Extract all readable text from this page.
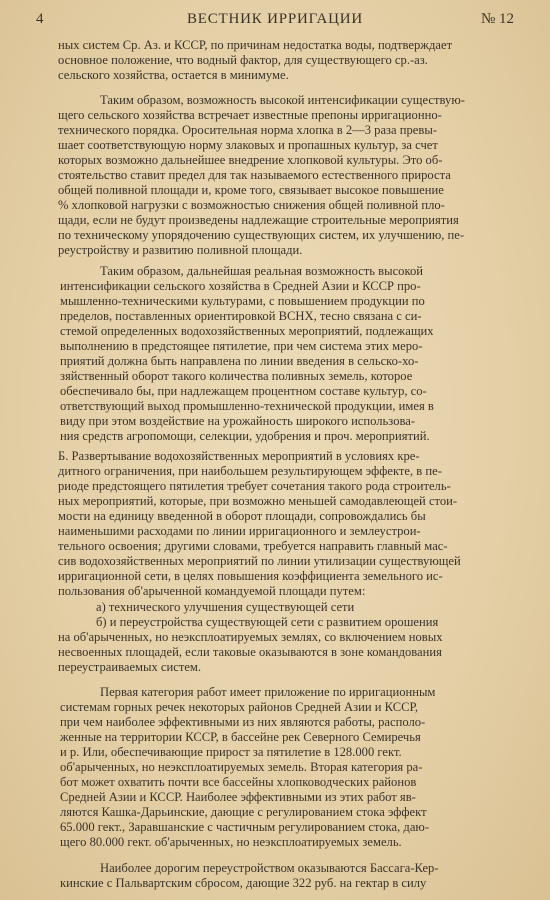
4	ВЕСТНИК ИРРИГАЦИИ	№ 12
ных систем Ср. Аз. и КССР, по причинам недостатка воды, подтверждает
основное положение, что водный фактор, для существующего ср.-аз.
сельского хозяйства, остается в минимуме.
Таким образом, возможность высокой интенсификации существую-
щего сельского хозяйства встречает известные препоны ирригационно-
технического порядка. Оросительная норма хлопка в 2—3 раза превы-
шает соответствующую норму злаковых и пропашных культур, за счет
которых возможно дальнейшее внедрение хлопковой культуры. Это об-
стоятельство ставит предел для так называемого естественного прироста
общей поливной площади и, кроме того, связывает высокое повышение
% хлопковой нагрузки с возможностью снижения общей поливной пло-
щади, если не будут произведены надлежащие строительные мероприятия
по техническому упорядочению существующих систем, их улучшению, пе-
реустройству и развитию поливной площади.
Таким образом, дальнейшая реальная возможность высокой
интенсификации сельского хозяйства в Средней Азии и КССР про-
мышленно-техническими культурами, с повышением продукции по
пределов, поставленных ориентировкой ВСНХ, тесно связана с си-
стемой определенных водохозяйственных мероприятий, подлежащих
выполнению в предстоящее пятилетие, при чем система этих меро-
приятий должна быть направлена по линии введения в сельско-хо-
зяйственный оборот такого количества поливных земель, которое
обеспечивало бы, при надлежащем процентном составе культур, со-
ответствующий выход промышленно-технической продукции, имея в
виду при этом воздействие на урожайность широкого использова-
ния средств агропомощи, селекции, удобрения и проч. мероприятий.
Б. Развертывание водохозяйственных мероприятий в условиях кре-
дитного ограничения, при наибольшем результирующем эффекте, в пе-
риоде предстоящего пятилетия требует сочетания такого рода строитель-
ных мероприятий, которые, при возможно меньшей самодавлеющей стои-
мости на единицу введенной в оборот площади, сопровождались бы
наименьшими расходами по линии ирригационного и землеустрои-
тельного освоения; другими словами, требуется направить главный мас-
сив водохозяйственных мероприятий по линии утилизации существующей
ирригационной сети, в целях повышения коэффициента земельного ис-
пользования об'арыченной командуемой площади путем:
а) технического улучшения существующей сети
б) и переустройства существующей сети с развитием орошения
на об'арыченных, но неэксплоатируемых землях, со включением новых
несвоенных площадей, если таковые оказываются в зоне командования
переустраиваемых систем.
Первая категория работ имеет приложение по ирригационным
системам горных речек некоторых районов Средней Азии и КССР,
при чем наиболее эффективными из них являются работы, располо-
женные на территории КССР, в бассейне рек Северного Семиречья
и р. Или, обеспечивающие прирост за пятилетие в 128.000 гект.
об'арыченных, но неэксплоатируемых земель. Вторая категория ра-
бот может охватить почти все бассейны хлопководческих районов
Средней Азии и КССР. Наиболее эффективными из этих работ яв-
ляются Кашка-Дарьинские, дающие с регулированием стока эффект
65.000 гект., Заравшанские с частичным регулированием стока, даю-
щего 80.000 гект. об'арыченных, но неэксплоатируемых земель.
Наиболее дорогим переустройством оказываются Бассага-Кер-
кинские с Пальвартским сбросом, дающие 322 руб. на гектар в силу
